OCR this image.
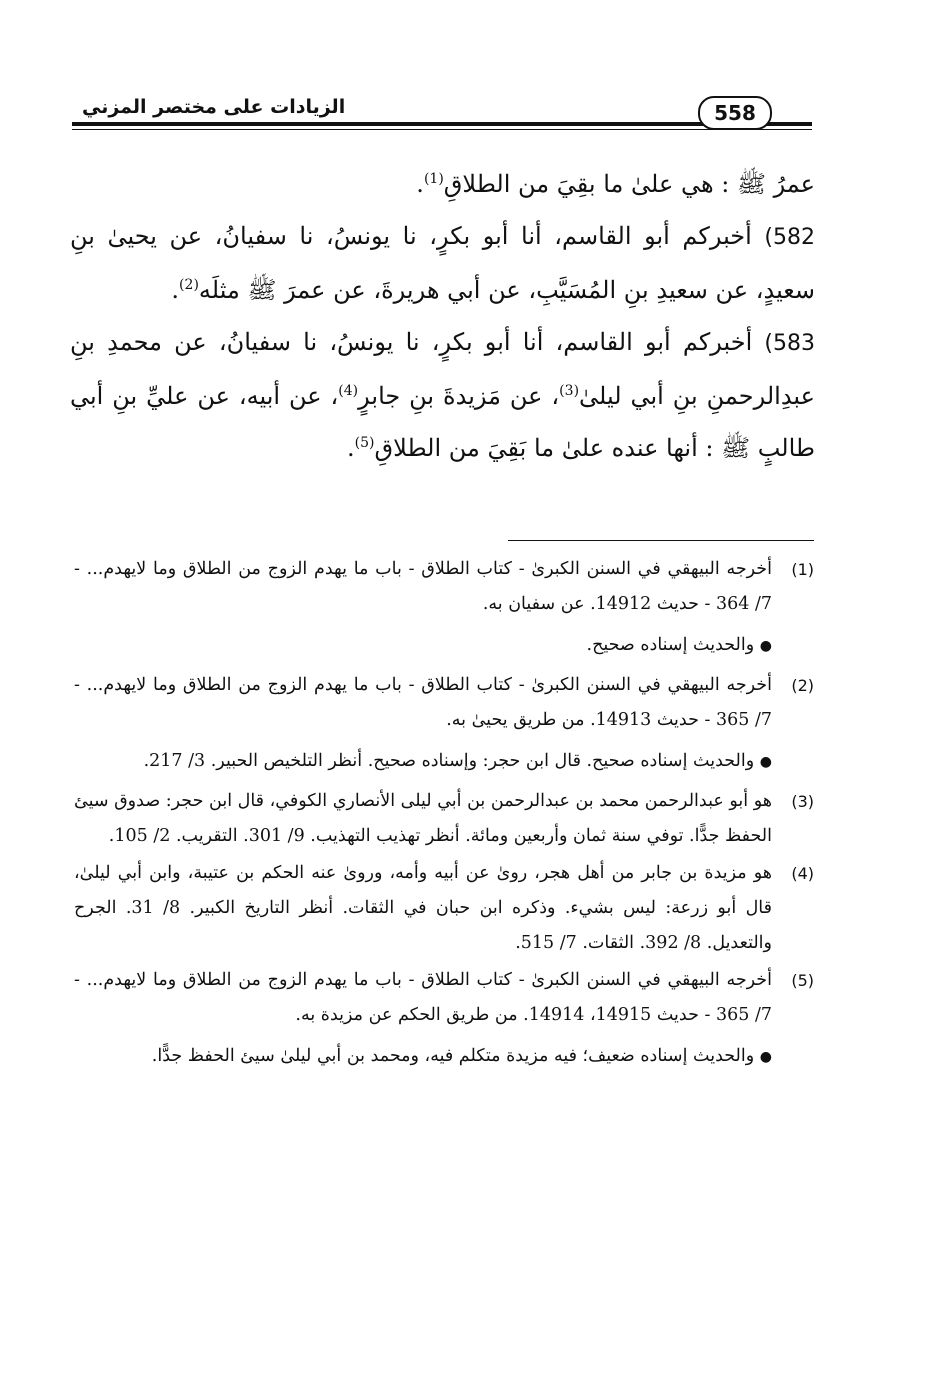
الزيادات على مختصر المزني	558

عمرُ ﷺ : هي علىٰ ما بقِيَ من الطلاقِ$^{(1)}$.

582) أخبركم أبو القاسم، أنا أبو بكرٍ، نا يونسُ، نا سفيانُ، عن يحيىٰ بنِ سعيدٍ، عن سعيدِ بنِ المُسَيَّبِ، عن أبي هريرةَ، عن عمرَ ﷺ مثلَه$^{(2)}$.

583) أخبركم أبو القاسم، أنا أبو بكرٍ، نا يونسُ، نا سفيانُ، عن محمدِ بنِ عبدِالرحمنِ بنِ أبي ليلىٰ$^{(3)}$، عن مَزيدةَ بنِ جابرٍ$^{(4)}$، عن أبيه، عن عليِّ بنِ أبي طالبٍ ﷺ : أنها عنده علىٰ ما بَقِيَ من الطلاقِ$^{(5)}$.

(1)
أخرجه البيهقي في السنن الكبرىٰ - كتاب الطلاق - باب ما يهدم الزوج من الطلاق وما لايهدم... - 7/ 364 - حديث 14912. عن سفيان به.
● والحديث إسناده صحيح.
(2)
أخرجه البيهقي في السنن الكبرىٰ - كتاب الطلاق - باب ما يهدم الزوج من الطلاق وما لايهدم... - 7/ 365 - حديث 14913. من طريق يحيىٰ به.
● والحديث إسناده صحيح. قال ابن حجر: وإسناده صحيح. أنظر التلخيص الحبير. 3/ 217.
(3)
هو أبو عبدالرحمن محمد بن عبدالرحمن بن أبي ليلى الأنصاري الكوفي، قال ابن حجر: صدوق سيئ الحفظ جدًّا. توفي سنة ثمان وأربعين ومائة. أنظر تهذيب التهذيب. 9/ 301. التقريب. 2/ 105.
(4)
هو مزيدة بن جابر من أهل هجر، روىٰ عن أبيه وأمه، وروىٰ عنه الحكم بن عتيبة، وابن أبي ليلىٰ، قال أبو زرعة: ليس بشيء. وذكره ابن حبان في الثقات. أنظر التاريخ الكبير. 8/ 31. الجرح والتعديل. 8/ 392. الثقات. 7/ 515.
(5)
أخرجه البيهقي في السنن الكبرىٰ - كتاب الطلاق - باب ما يهدم الزوج من الطلاق وما لايهدم... - 7/ 365 - حديث 14915، 14914. من طريق الحكم عن مزيدة به.
● والحديث إسناده ضعيف؛ فيه مزيدة متكلم فيه، ومحمد بن أبي ليلىٰ سيئ الحفظ جدًّا.
